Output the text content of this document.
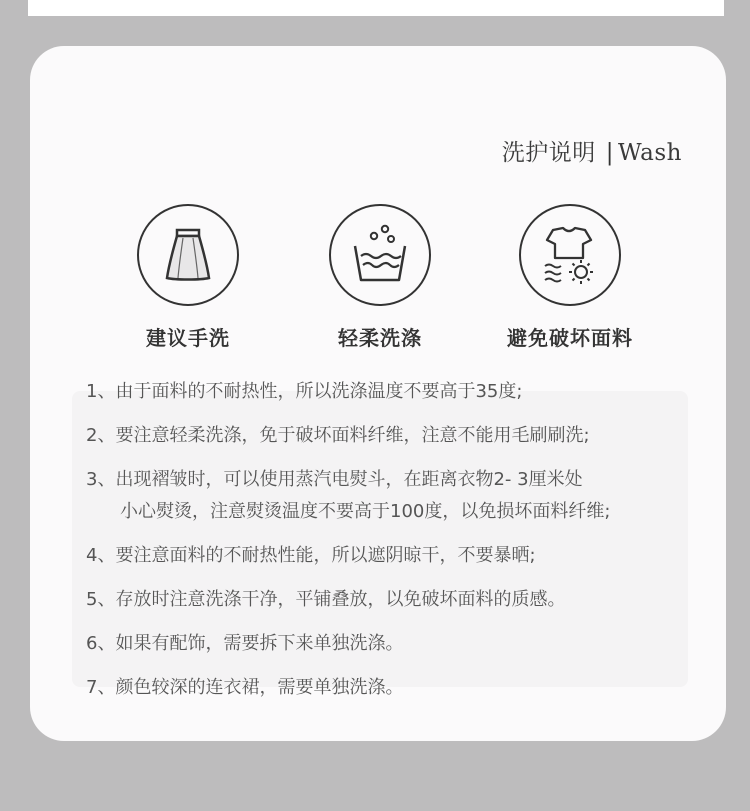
洗护说明 | Wash
建议手洗	轻柔洗涤	避免破坏面料
1、由于面料的不耐热性，所以洗涤温度不要高于35度;
2、要注意轻柔洗涤，免于破坏面料纤维，注意不能用毛刷刷洗;
3、出现褶皱时，可以使用蒸汽电熨斗，在距离衣物2- 3厘米处
小心熨烫，注意熨烫温度不要高于100度，以免损坏面料纤维;
4、要注意面料的不耐热性能，所以遮阴晾干，不要暴晒;
5、存放时注意洗涤干净，平铺叠放，以免破坏面料的质感。
6、如果有配饰，需要拆下来单独洗涤。
7、颜色较深的连衣裙，需要单独洗涤。
